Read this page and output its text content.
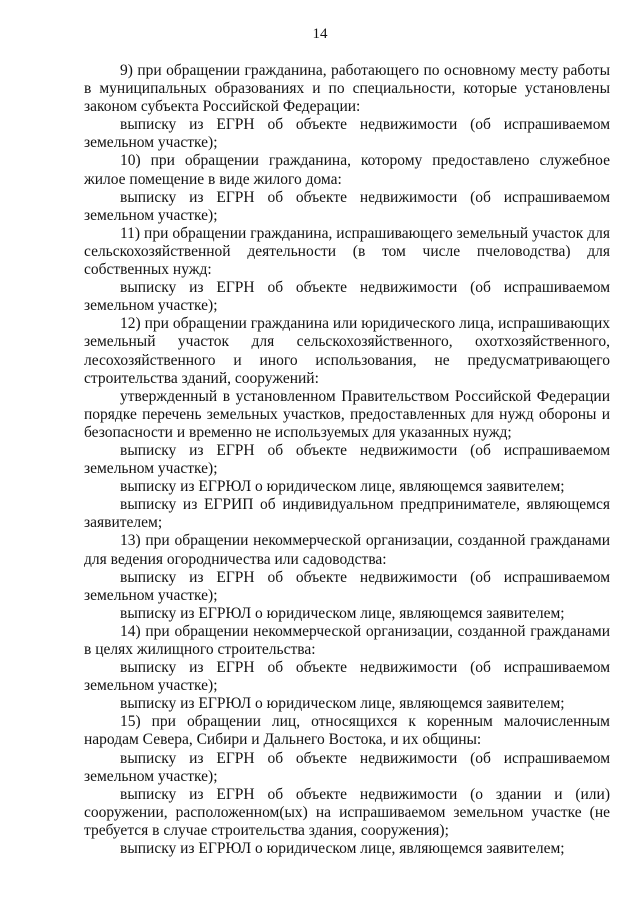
14

9) при обращении гражданина, работающего по основному месту работы в муниципальных образованиях и по специальности, которые установлены законом субъекта Российской Федерации:

выписку из ЕГРН об объекте недвижимости (об испрашиваемом земельном участке);

10) при обращении гражданина, которому предоставлено служебное жилое помещение в виде жилого дома:

выписку из ЕГРН об объекте недвижимости (об испрашиваемом земельном участке);

11) при обращении гражданина, испрашивающего земельный участок для сельскохозяйственной деятельности (в том числе пчеловодства) для собственных нужд:

выписку из ЕГРН об объекте недвижимости (об испрашиваемом земельном участке);

12) при обращении гражданина или юридического лица, испрашивающих земельный участок для сельскохозяйственного, охотхозяйственного, лесохозяйственного и иного использования, не предусматривающего строительства зданий, сооружений:

утвержденный в установленном Правительством Российской Федерации порядке перечень земельных участков, предоставленных для нужд обороны и безопасности и временно не используемых для указанных нужд;

выписку из ЕГРН об объекте недвижимости (об испрашиваемом земельном участке);

выписку из ЕГРЮЛ о юридическом лице, являющемся заявителем;

выписку из ЕГРИП об индивидуальном предпринимателе, являющемся заявителем;

13) при обращении некоммерческой организации, созданной гражданами для ведения огородничества или садоводства:

выписку из ЕГРН об объекте недвижимости (об испрашиваемом земельном участке);

выписку из ЕГРЮЛ о юридическом лице, являющемся заявителем;

14) при обращении некоммерческой организации, созданной гражданами в целях жилищного строительства:

выписку из ЕГРН об объекте недвижимости (об испрашиваемом земельном участке);

выписку из ЕГРЮЛ о юридическом лице, являющемся заявителем;

15) при обращении лиц, относящихся к коренным малочисленным народам Севера, Сибири и Дальнего Востока, и их общины:

выписку из ЕГРН об объекте недвижимости (об испрашиваемом земельном участке);

выписку из ЕГРН об объекте недвижимости (о здании и (или) сооружении, расположенном(ых) на испрашиваемом земельном участке (не требуется в случае строительства здания, сооружения);

выписку из ЕГРЮЛ о юридическом лице, являющемся заявителем;
